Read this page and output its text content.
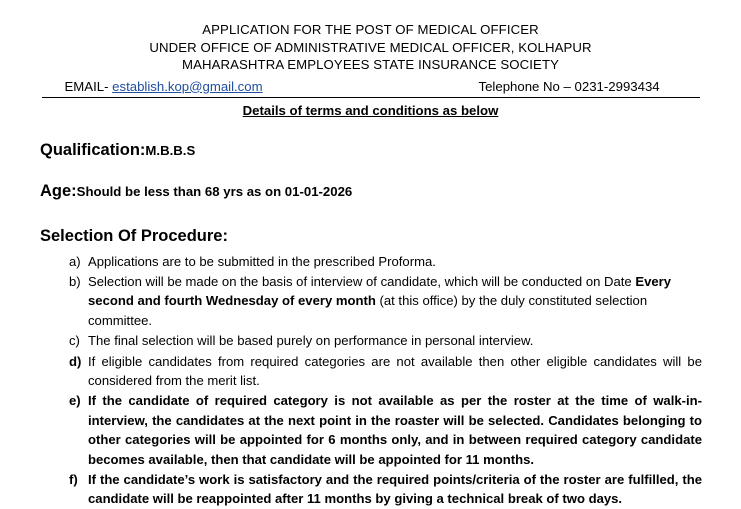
APPLICATION FOR THE POST OF MEDICAL OFFICER
UNDER OFFICE OF ADMINISTRATIVE MEDICAL OFFICER, KOLHAPUR
MAHARASHTRA EMPLOYEES STATE INSURANCE SOCIETY
EMAIL- establish.kop@gmail.com	Telephone No – 0231-2993434
Details of terms and conditions as below
Qualification:M.B.B.S
Age:Should be less than 68 yrs as on 01-01-2026
Selection Of Procedure:
a) Applications are to be submitted in the prescribed Proforma.
b) Selection will be made on the basis of interview of candidate, which will be conducted on Date Every second and fourth Wednesday of every month (at this office) by the duly constituted selection committee.
c) The final selection will be based purely on performance in personal interview.
d) If eligible candidates from required categories are not available then other eligible candidates will be considered from the merit list.
e) If the candidate of required category is not available as per the roster at the time of walk-in-interview, the candidates at the next point in the roaster will be selected. Candidates belonging to other categories will be appointed for 6 months only, and in between required category candidate becomes available, then that candidate will be appointed for 11 months.
f) If the candidate’s work is satisfactory and the required points/criteria of the roster are fulfilled, the candidate will be reappointed after 11 months by giving a technical break of two days.
